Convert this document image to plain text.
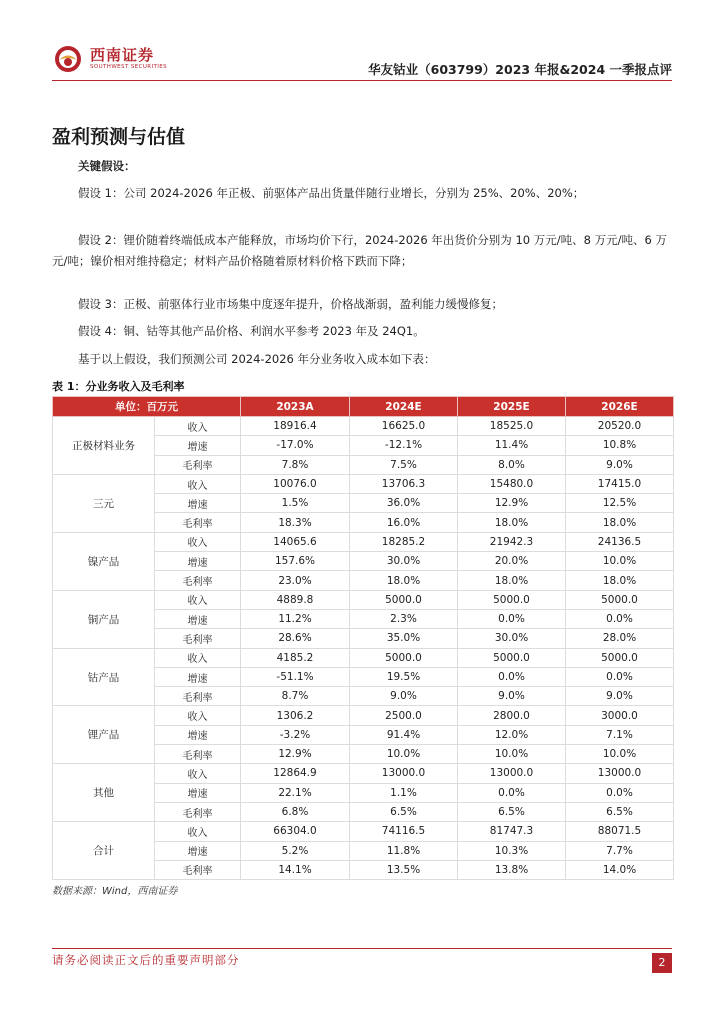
西南证券
SOUTHWEST SECURITIES	华友钴业（603799）2023 年报&2024 一季报点评
盈利预测与估值
关键假设：
假设 1：公司 2024-2026 年正极、前驱体产品出货量伴随行业增长，分别为 25%、20%、20%；
假设 2：锂价随着终端低成本产能释放，市场均价下行，2024-2026 年出货价分别为 10 万元/吨、8 万元/吨、6 万元/吨；镍价相对维持稳定；材料产品价格随着原材料价格下跌而下降；
假设 3：正极、前驱体行业市场集中度逐年提升，价格战渐弱，盈利能力缓慢修复；
假设 4：铜、钴等其他产品价格、利润水平参考 2023 年及 24Q1。
基于以上假设，我们预测公司 2024-2026 年分业务收入成本如下表：
表 1：分业务收入及毛利率
单位：百万元		2023A	2024E	2025E	2026E
正极材料业务	收入	18916.4	16625.0	18525.0	20520.0
	增速	-17.0%	-12.1%	11.4%	10.8%
	毛利率	7.8%	7.5%	8.0%	9.0%
三元	收入	10076.0	13706.3	15480.0	17415.0
	增速	1.5%	36.0%	12.9%	12.5%
	毛利率	18.3%	16.0%	18.0%	18.0%
镍产品	收入	14065.6	18285.2	21942.3	24136.5
	增速	157.6%	30.0%	20.0%	10.0%
	毛利率	23.0%	18.0%	18.0%	18.0%
铜产品	收入	4889.8	5000.0	5000.0	5000.0
	增速	11.2%	2.3%	0.0%	0.0%
	毛利率	28.6%	35.0%	30.0%	28.0%
钴产品	收入	4185.2	5000.0	5000.0	5000.0
	增速	-51.1%	19.5%	0.0%	0.0%
	毛利率	8.7%	9.0%	9.0%	9.0%
锂产品	收入	1306.2	2500.0	2800.0	3000.0
	增速	-3.2%	91.4%	12.0%	7.1%
	毛利率	12.9%	10.0%	10.0%	10.0%
其他	收入	12864.9	13000.0	13000.0	13000.0
	增速	22.1%	1.1%	0.0%	0.0%
	毛利率	6.8%	6.5%	6.5%	6.5%
合计	收入	66304.0	74116.5	81747.3	88071.5
	增速	5.2%	11.8%	10.3%	7.7%
	毛利率	14.1%	13.5%	13.8%	14.0%
数据来源：Wind，西南证券
请务必阅读正文后的重要声明部分	2
